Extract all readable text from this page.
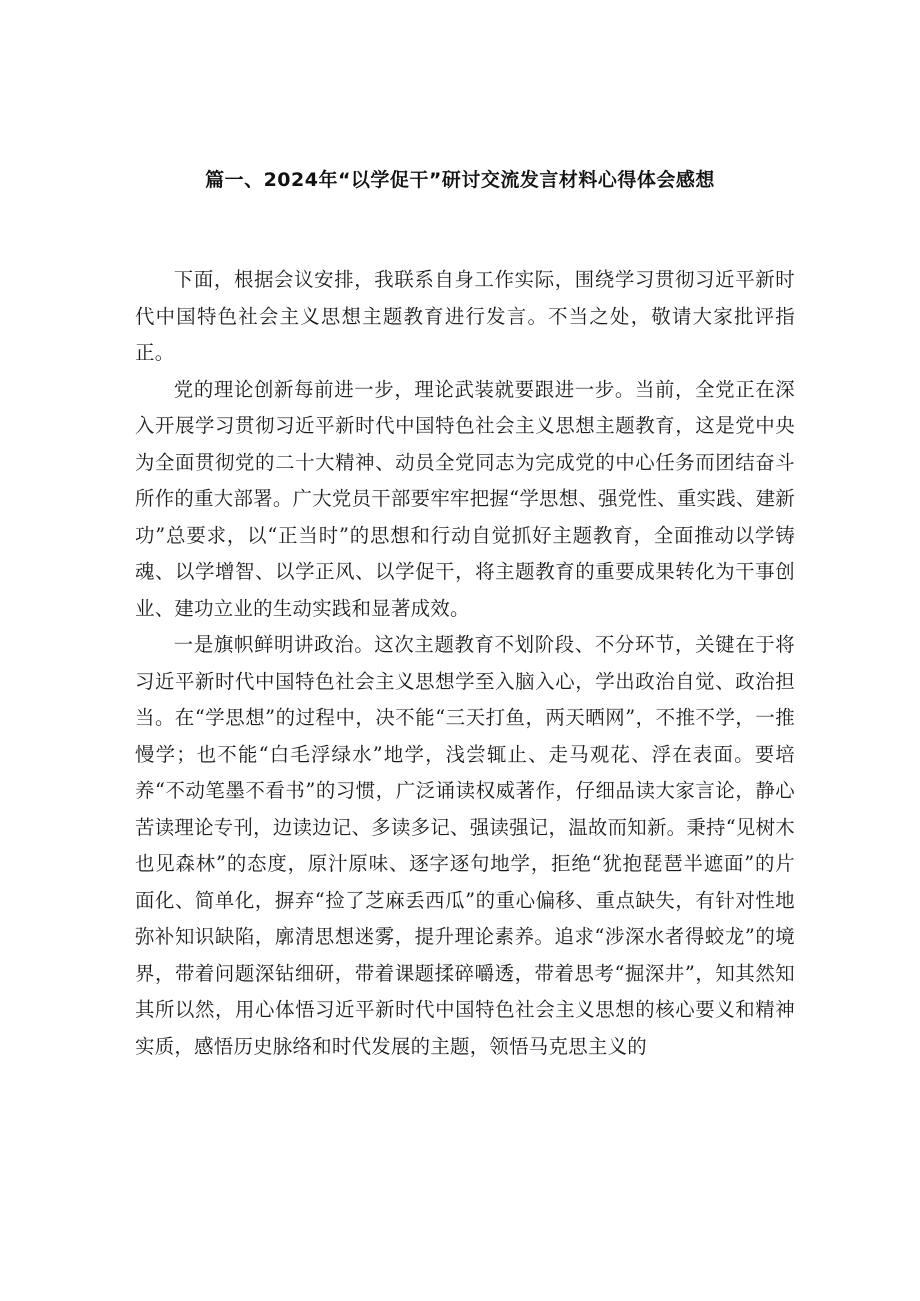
篇一、2024年“以学促干”研讨交流发言材料心得体会感想

下面，根据会议安排，我联系自身工作实际，围绕学习贯彻习近平新时代中国特色社会主义思想主题教育进行发言。不当之处，敬请大家批评指正。

党的理论创新每前进一步，理论武装就要跟进一步。当前，全党正在深入开展学习贯彻习近平新时代中国特色社会主义思想主题教育，这是党中央为全面贯彻党的二十大精神、动员全党同志为完成党的中心任务而团结奋斗所作的重大部署。广大党员干部要牢牢把握“学思想、强党性、重实践、建新功”总要求，以“正当时”的思想和行动自觉抓好主题教育，全面推动以学铸魂、以学增智、以学正风、以学促干，将主题教育的重要成果转化为干事创业、建功立业的生动实践和显著成效。

一是旗帜鲜明讲政治。这次主题教育不划阶段、不分环节，关键在于将习近平新时代中国特色社会主义思想学至入脑入心，学出政治自觉、政治担当。在“学思想”的过程中，决不能“三天打鱼，两天晒网”，不推不学，一推慢学；也不能“白毛浮绿水”地学，浅尝辄止、走马观花、浮在表面。要培养“不动笔墨不看书”的习惯，广泛诵读权威著作，仔细品读大家言论，静心苦读理论专刊，边读边记、多读多记、强读强记，温故而知新。秉持“见树木也见森林”的态度，原汁原味、逐字逐句地学，拒绝“犹抱琵琶半遮面”的片面化、简单化，摒弃“捡了芝麻丢西瓜”的重心偏移、重点缺失，有针对性地弥补知识缺陷，廓清思想迷雾，提升理论素养。追求“涉深水者得蛟龙”的境界，带着问题深钻细研，带着课题揉碎嚼透，带着思考“掘深井”，知其然知其所以然，用心体悟习近平新时代中国特色社会主义思想的核心要义和精神实质，感悟历史脉络和时代发展的主题，领悟马克思主义的
